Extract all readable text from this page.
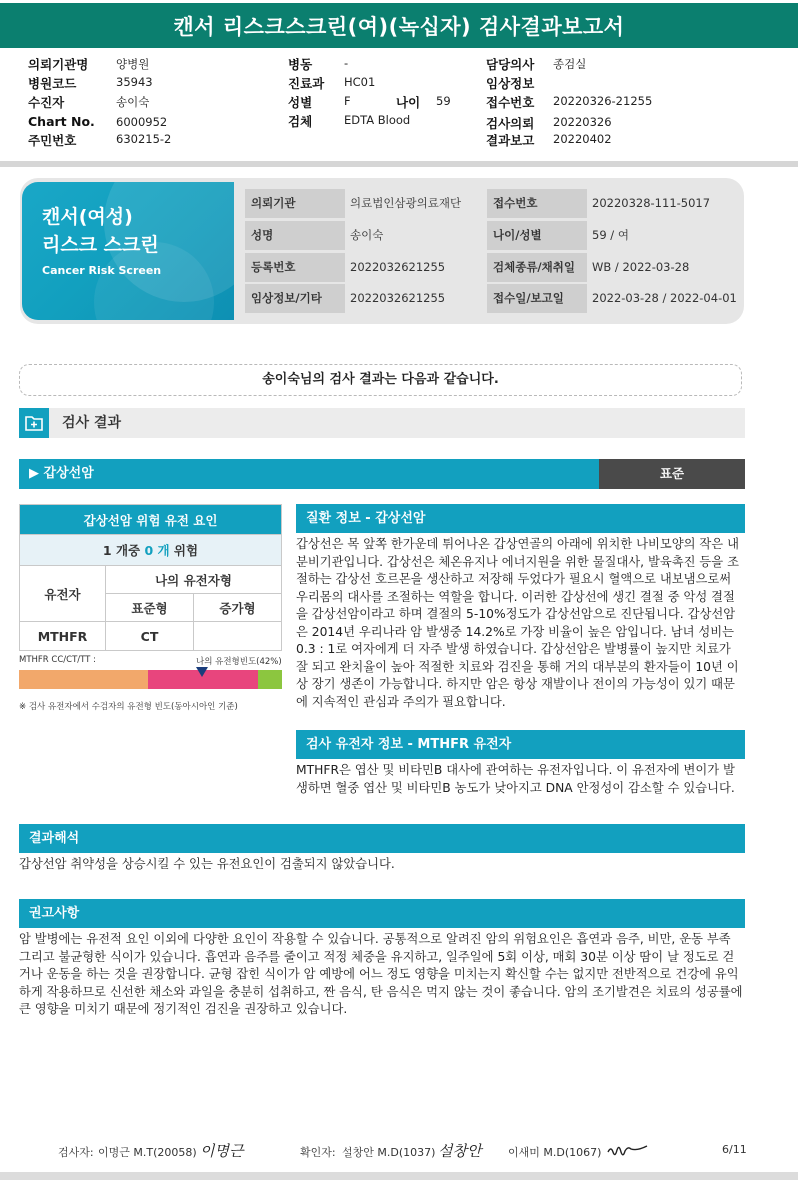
캔서 리스크스크린(여)(녹십자) 검사결과보고서
의뢰기관명 양병원
병원코드	35943
수진자	송이숙
Chart No. 6000952
주민번호	630215-2
병동	-
진료과 HC01
성별	F	나이 59
검체	EDTA Blood
담당의사 종검실
임상정보
접수번호 20220326-21255
검사의뢰 20220326
결과보고 20220402
캔서(여성)
리스크 스크린
Cancer Risk Screen
의뢰기관	의료법인삼광의료재단	접수번호	20220328-111-5017
성명	송이숙	나이/성별	59 / 여
등록번호	2022032621255	검체종류/채취일	WB / 2022-03-28
임상정보/기타	2022032621255	접수일/보고일	2022-03-28 / 2022-04-01
송이숙님의 검사 결과는 다음과 같습니다.
검사 결과
▶ 갑상선암	표준
갑상선암 위험 유전 요인		
1 개중 0 개 위험		
유전자	나의 유전자형	
	표준형	증가형
MTHFR	CT	
MTHFR CC/CT/TT :	나의 유전형빈도(42%)
※ 검사 유전자에서 수검자의 유전형 빈도(동아시아인 기준)
질환 정보 - 갑상선암
갑상선은 목 앞쪽 한가운데 튀어나온 갑상연골의 아래에 위치한 나비모양의 작은 내분비기관입니다. 갑상선은 체온유지나 에너지원을 위한 물질대사, 발육촉진 등을 조절하는 갑상선 호르몬을 생산하고 저장해 두었다가 필요시 혈액으로 내보냄으로써 우리몸의 대사를 조절하는 역할을 합니다. 이러한 갑상선에 생긴 결절 중 악성 결절을 갑상선암이라고 하며 결절의 5-10%정도가 갑상선암으로 진단됩니다. 갑상선암은 2014년 우리나라 암 발생중 14.2%로 가장 비율이 높은 암입니다. 남녀 성비는 0.3 : 1로 여자에게 더 자주 발생 하였습니다. 갑상선암은 발병률이 높지만 치료가 잘 되고 완치율이 높아 적절한 치료와 검진을 통해 거의 대부분의 환자들이 10년 이상 장기 생존이 가능합니다. 하지만 암은 항상 재발이나 전이의 가능성이 있기 때문에 지속적인 관심과 주의가 필요합니다.
검사 유전자 정보 - MTHFR 유전자
MTHFR은 엽산 및 비타민B 대사에 관여하는 유전자입니다. 이 유전자에 변이가 발생하면 혈중 엽산 및 비타민B 농도가 낮아지고 DNA 안정성이 감소할 수 있습니다.
결과해석
갑상선암 취약성을 상승시킬 수 있는 유전요인이 검출되지 않았습니다.
권고사항
암 발병에는 유전적 요인 이외에 다양한 요인이 작용할 수 있습니다. 공통적으로 알려진 암의 위험요인은 흡연과 음주, 비만, 운동 부족 그리고 불균형한 식이가 있습니다. 흡연과 음주를 줄이고 적정 체중을 유지하고, 일주일에 5회 이상, 매회 30분 이상 땀이 날 정도로 걷거나 운동을 하는 것을 권장합니다. 균형 잡힌 식이가 암 예방에 어느 정도 영향을 미치는지 확신할 수는 없지만 전반적으로 건강에 유익하게 작용하므로 신선한 채소와 과일을 충분히 섭취하고, 짠 음식, 탄 음식은 먹지 않는 것이 좋습니다. 암의 조기발견은 치료의 성공률에 큰 영향을 미치기 때문에 정기적인 검진을 권장하고 있습니다.
검사자: 이명근 M.T(20058) 이명근	확인자: 설창안 M.D(1037) 설창안 이새미 M.D(1067)	6/11
